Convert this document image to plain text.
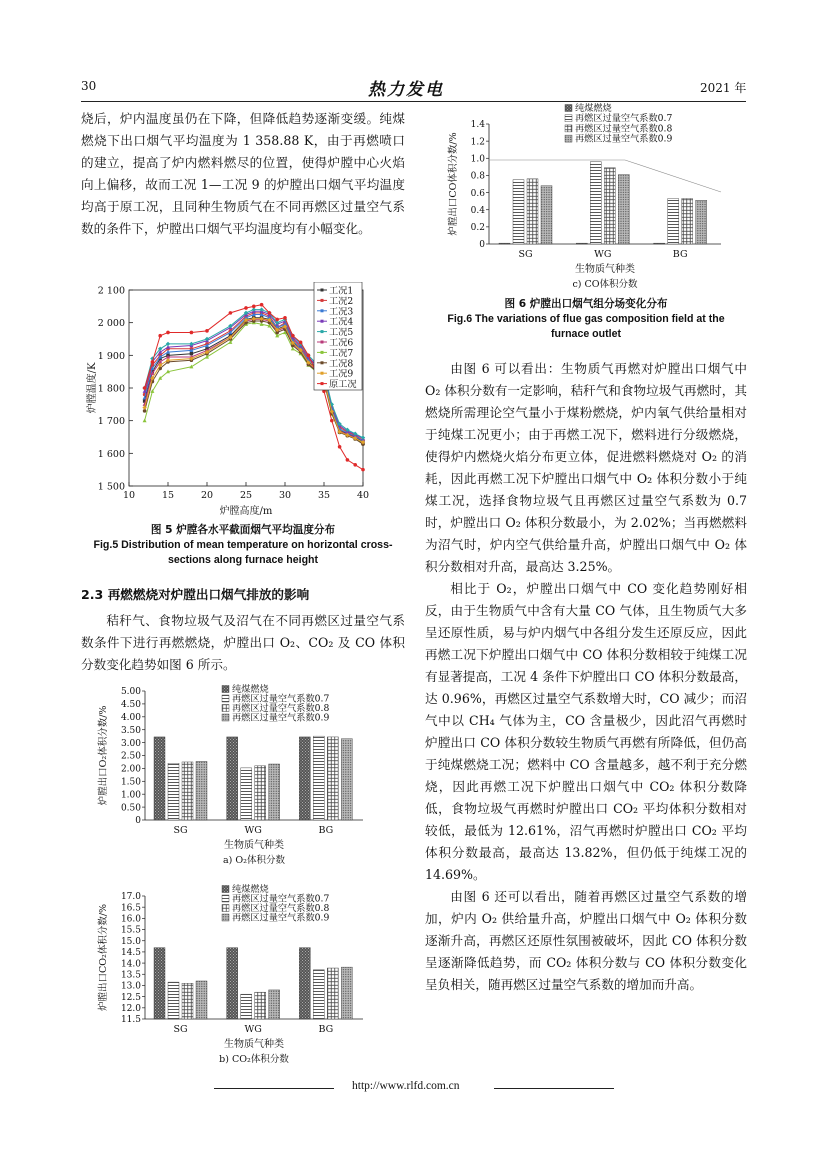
30	热力发电	2021 年

烧后，炉内温度虽仍在下降，但降低趋势逐渐变缓。纯煤燃烧下出口烟气平均温度为 1 358.88 K，由于再燃喷口的建立，提高了炉内燃料燃尽的位置，使得炉膛中心火焰向上偏移，故而工况 1—工况 9 的炉膛出口烟气平均温度均高于原工况，且同种生物质气在不同再燃区过量空气系数的条件下，炉膛出口烟气平均温度均有小幅变化。

1 500
1 600
1 700
1 800
1 900
2 000
2 100
10	15	20	25	30	35	40
炉膛高度/m
炉膛温度/K
工况1
工况2
工况3
工况4
工况5
工况6
工况7
工况8
工况9
原工况
图 5 炉膛各水平截面烟气平均温度分布
Fig.5 Distribution of mean temperature on horizontal cross-sections along furnace height
2.3 再燃燃烧对炉膛出口烟气排放的影响

秸秆气、食物垃圾气及沼气在不同再燃区过量空气系数条件下进行再燃燃烧，炉膛出口 O₂、CO₂ 及 CO 体积分数变化趋势如图 6 所示。

0
0.50
1.00
1.50
2.00
2.50
3.00
3.50
4.00
4.50
5.00
SG	WG	BG
纯煤燃烧
再燃区过量空气系数0.7
再燃区过量空气系数0.8
再燃区过量空气系数0.9
生物质气种类
炉膛出口O₂体积分数/%
a) O₂体积分数
11.5
12.0
12.5
13.0
13.5
14.0
14.5
15.0
15.5
16.0
16.5
17.0
SG	WG	BG
纯煤燃烧
再燃区过量空气系数0.7
再燃区过量空气系数0.8
再燃区过量空气系数0.9
生物质气种类
炉膛出口CO₂体积分数/%
b) CO₂体积分数
0
0.2
0.4
0.6
0.8
1.0
1.2
1.4
SG	WG	BG
纯煤燃烧
再燃区过量空气系数0.7
再燃区过量空气系数0.8
再燃区过量空气系数0.9
生物质气种类
炉膛出口CO体积分数/%
c) CO体积分数
图 6 炉膛出口烟气组分场变化分布
Fig.6 The variations of flue gas composition field at the furnace outlet

由图 6 可以看出：生物质气再燃对炉膛出口烟气中 O₂ 体积分数有一定影响，秸秆气和食物垃圾气再燃时，其燃烧所需理论空气量小于煤粉燃烧，炉内氧气供给量相对于纯煤工况更小；由于再燃工况下，燃料进行分级燃烧，使得炉内燃烧火焰分布更立体，促进燃料燃烧对 O₂ 的消耗，因此再燃工况下炉膛出口烟气中 O₂ 体积分数小于纯煤工况，选择食物垃圾气且再燃区过量空气系数为 0.7 时，炉膛出口 O₂ 体积分数最小，为 2.02%；当再燃燃料为沼气时，炉内空气供给量升高，炉膛出口烟气中 O₂ 体积分数相对升高，最高达 3.25%。

相比于 O₂，炉膛出口烟气中 CO 变化趋势刚好相反，由于生物质气中含有大量 CO 气体，且生物质气大多呈还原性质，易与炉内烟气中各组分发生还原反应，因此再燃工况下炉膛出口烟气中 CO 体积分数相较于纯煤工况有显著提高，工况 4 条件下炉膛出口 CO 体积分数最高，达 0.96%，再燃区过量空气系数增大时，CO 减少；而沼气中以 CH₄ 气体为主，CO 含量极少，因此沼气再燃时炉膛出口 CO 体积分数较生物质气再燃有所降低，但仍高于纯煤燃烧工况；燃料中 CO 含量越多，越不利于充分燃烧，因此再燃工况下炉膛出口烟气中 CO₂ 体积分数降低，食物垃圾气再燃时炉膛出口 CO₂ 平均体积分数相对较低，最低为 12.61%，沼气再燃时炉膛出口 CO₂ 平均体积分数最高，最高达 13.82%，但仍低于纯煤工况的 14.69%。

由图 6 还可以看出，随着再燃区过量空气系数的增加，炉内 O₂ 供给量升高，炉膛出口烟气中 O₂ 体积分数逐渐升高，再燃区还原性氛围被破坏，因此 CO 体积分数呈逐渐降低趋势，而 CO₂ 体积分数与 CO 体积分数变化呈负相关，随再燃区过量空气系数的增加而升高。

http://www.rlfd.com.cn
